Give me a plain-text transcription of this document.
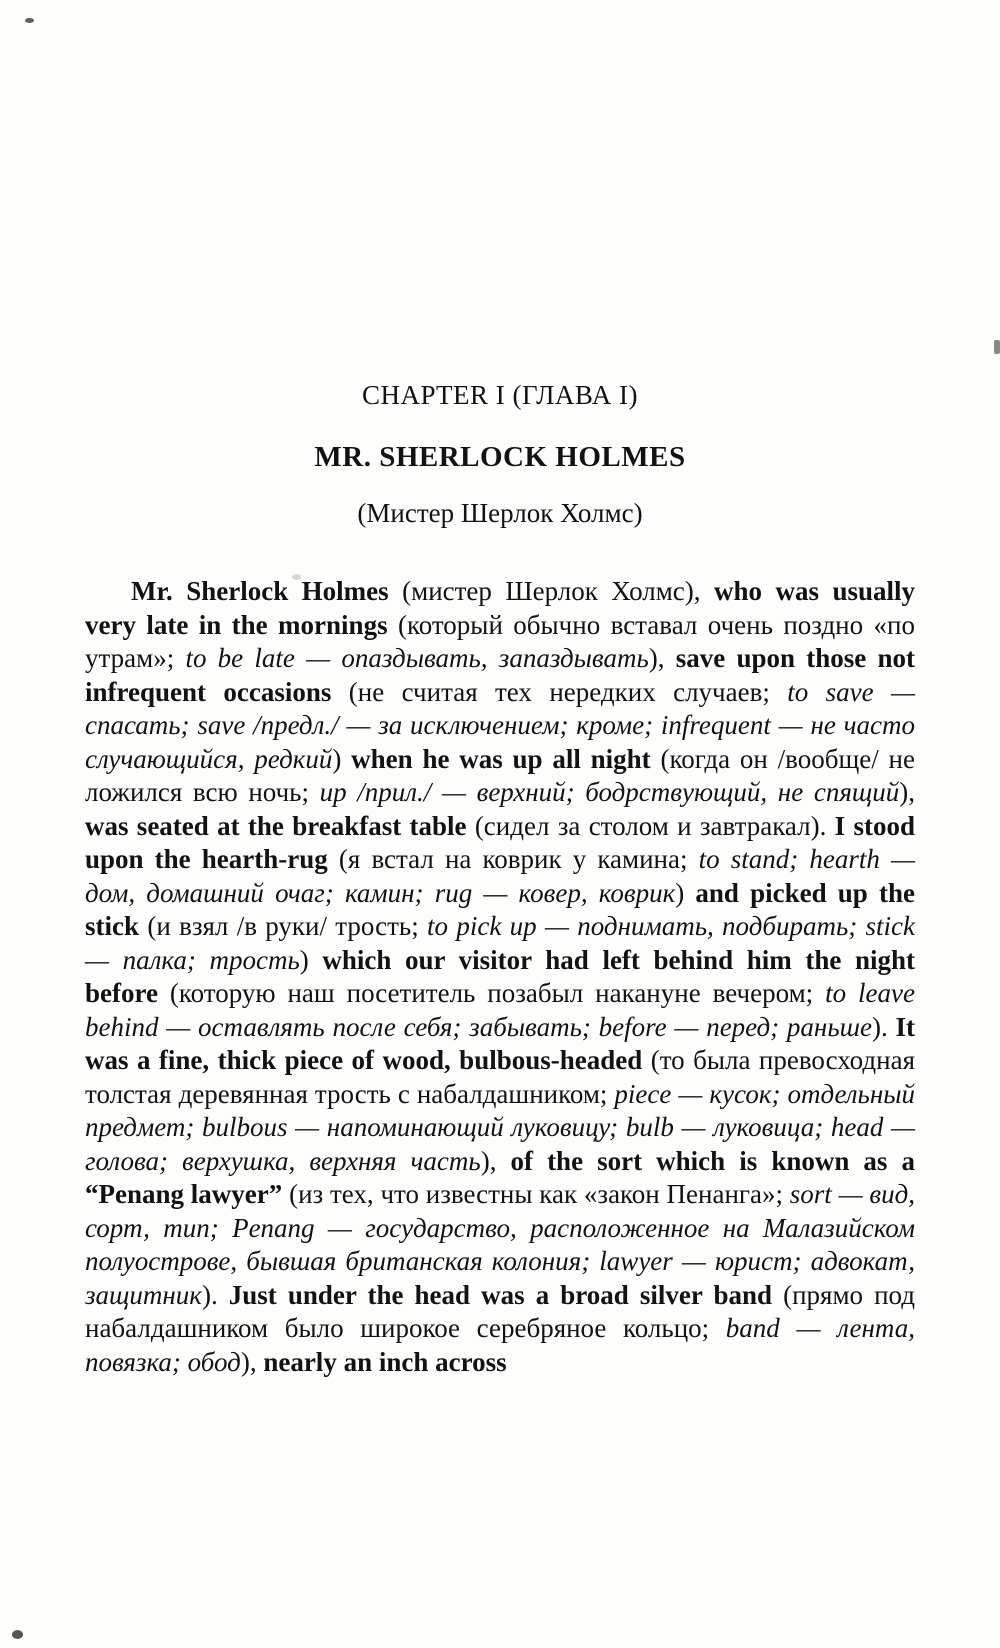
CHAPTER I (ГЛАВА I)
MR. SHERLOCK HOLMES
(Мистер Шерлок Холмс)

Mr. Sherlock Holmes (мистер Шерлок Холмс), who was usually very late in the mornings (который обычно вставал очень поздно «по утрам»; to be late — опаздывать, запаздывать), save upon those not infrequent occasions (не считая тех нередких случаев; to save — спасать; save /предл./ — за исключением; кроме; infrequent — не часто случающийся, редкий) when he was up all night (когда он /вообще/ не ложился всю ночь; up /прил./ — верхний; бодрствующий, не спящий), was seated at the breakfast table (сидел за столом и завтракал). I stood upon the hearth-rug (я встал на коврик у камина; to stand; hearth — дом, домашний очаг; камин; rug — ковер, коврик) and picked up the stick (и взял /в руки/ трость; to pick up — поднимать, подбирать; stick — палка; трость) which our visitor had left behind him the night before (которую наш посетитель позабыл накануне вечером; to leave behind — оставлять после себя; забывать; before — перед; раньше). It was a fine, thick piece of wood, bulbous-headed (то была превосходная толстая деревянная трость с набалдашником; piece — кусок; отдельный предмет; bulbous — напоминающий луковицу; bulb — луковица; head — голова; верхушка, верхняя часть), of the sort which is known as a “Penang lawyer” (из тех, что известны как «закон Пенанга»; sort — вид, сорт, тип; Penang — государство, расположенное на Малазийском полуострове, бывшая британская колония; lawyer — юрист; адвокат, защитник). Just under the head was a broad silver band (прямо под набалдашником было широкое серебряное кольцо; band — лента, повязка; обод), nearly an inch across
